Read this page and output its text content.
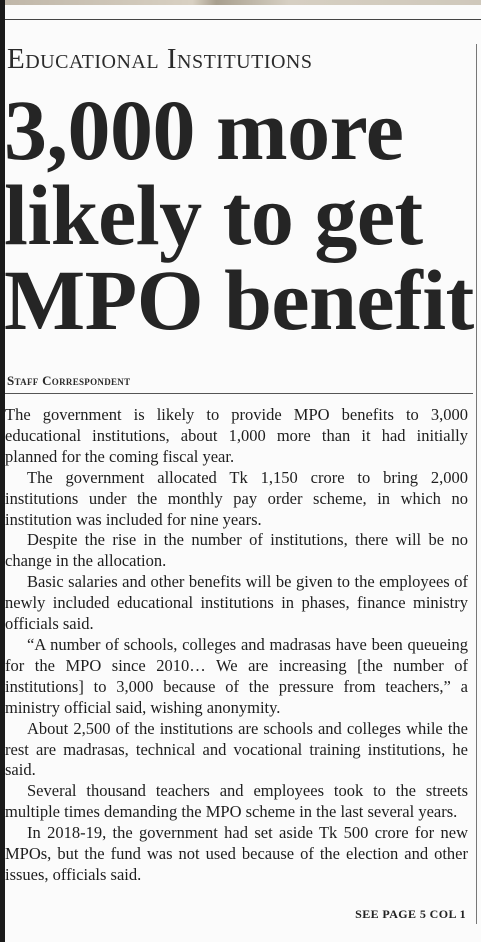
Educational Institutions
3,000 more
likely to get
MPO benefit
Staff Correspondent

The government is likely to provide MPO benefits to 3,000 educational institutions, about 1,000 more than it had initially planned for the coming fiscal year.

The government allocated Tk 1,150 crore to bring 2,000 institutions under the monthly pay order scheme, in which no institution was included for nine years.

Despite the rise in the number of institutions, there will be no change in the allocation.

Basic salaries and other benefits will be given to the employees of newly included educational institutions in phases, finance ministry officials said.

“A number of schools, colleges and madrasas have been queueing for the MPO since 2010… We are increasing [the number of institutions] to 3,000 because of the pressure from teachers,” a ministry official said, wishing anonymity.

About 2,500 of the institutions are schools and colleges while the rest are madrasas, technical and vocational training institutions, he said.

Several thousand teachers and employees took to the streets multiple times demanding the MPO scheme in the last several years.

In 2018-19, the government had set aside Tk 500 crore for new MPOs, but the fund was not used because of the election and other issues, officials said.

SEE PAGE 5 COL 1
